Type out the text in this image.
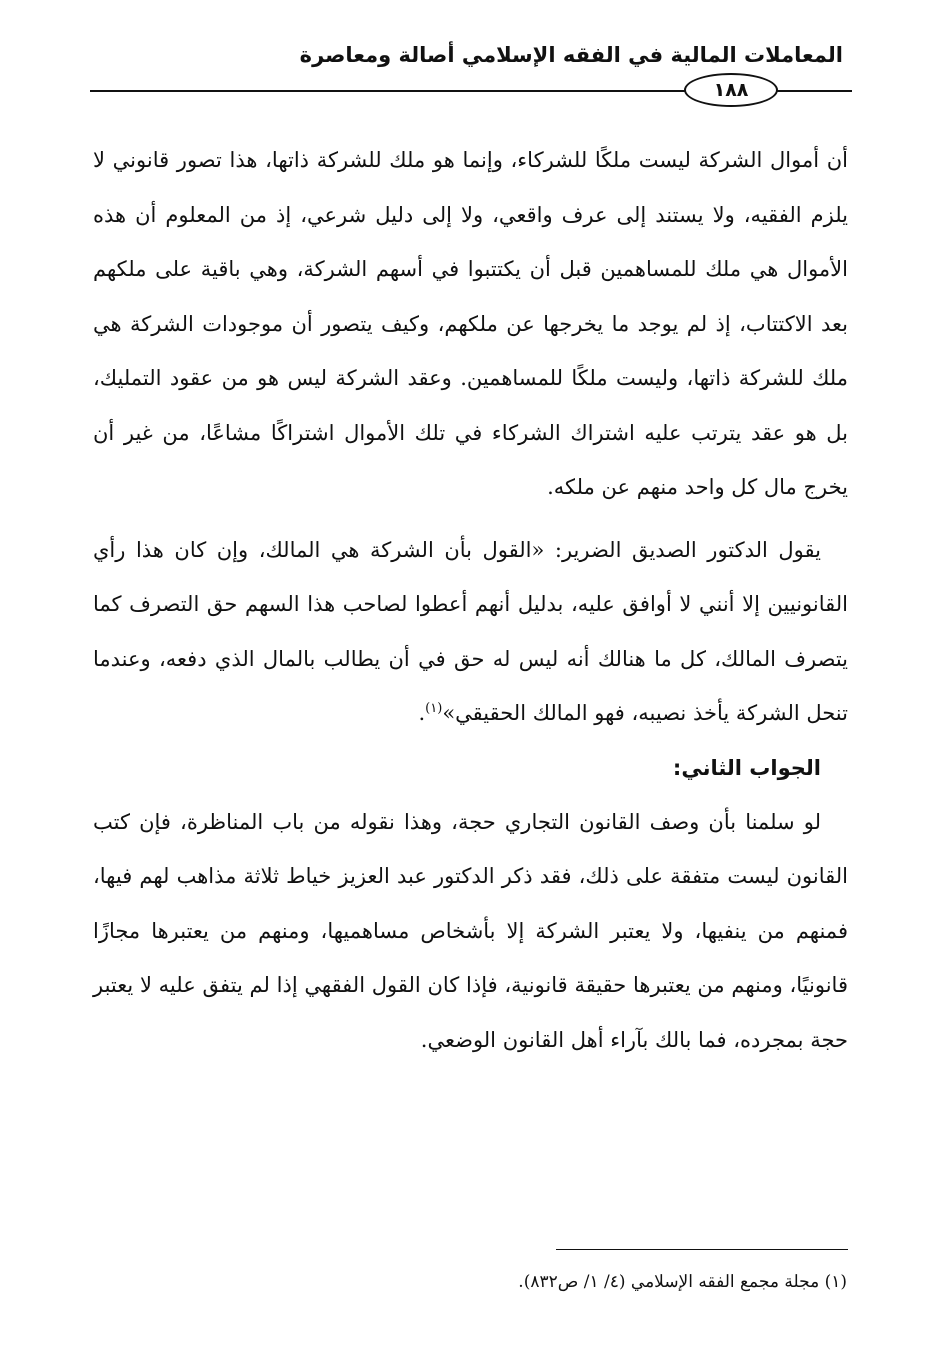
المعاملات المالية في الفقه الإسلامي أصالة ومعاصرة
١٨٨

أن أموال الشركة ليست ملكًا للشركاء، وإنما هو ملك للشركة ذاتها، هذا تصور قانوني لا يلزم الفقيه، ولا يستند إلى عرف واقعي، ولا إلى دليل شرعي، إذ من المعلوم أن هذه الأموال هي ملك للمساهمين قبل أن يكتتبوا في أسهم الشركة، وهي باقية على ملكهم بعد الاكتتاب، إذ لم يوجد ما يخرجها عن ملكهم، وكيف يتصور أن موجودات الشركة هي ملك للشركة ذاتها، وليست ملكًا للمساهمين. وعقد الشركة ليس هو من عقود التمليك، بل هو عقد يترتب عليه اشتراك الشركاء في تلك الأموال اشتراكًا مشاعًا، من غير أن يخرج مال كل واحد منهم عن ملكه.

يقول الدكتور الصديق الضرير: «القول بأن الشركة هي المالك، وإن كان هذا رأي القانونيين إلا أنني لا أوافق عليه، بدليل أنهم أعطوا لصاحب هذا السهم حق التصرف كما يتصرف المالك، كل ما هنالك أنه ليس له حق في أن يطالب بالمال الذي دفعه، وعندما تنحل الشركة يأخذ نصيبه، فهو المالك الحقيقي»$^{(١)}$.

الجواب الثاني:

لو سلمنا بأن وصف القانون التجاري حجة، وهذا نقوله من باب المناظرة، فإن كتب القانون ليست متفقة على ذلك، فقد ذكر الدكتور عبد العزيز خياط ثلاثة مذاهب لهم فيها، فمنهم من ينفيها، ولا يعتبر الشركة إلا بأشخاص مساهميها، ومنهم من يعتبرها مجازًا قانونيًا، ومنهم من يعتبرها حقيقة قانونية، فإذا كان القول الفقهي إذا لم يتفق عليه لا يعتبر حجة بمجرده، فما بالك بآراء أهل القانون الوضعي.

(١) مجلة مجمع الفقه الإسلامي (٤/ ١/ ص٨٣٢).
